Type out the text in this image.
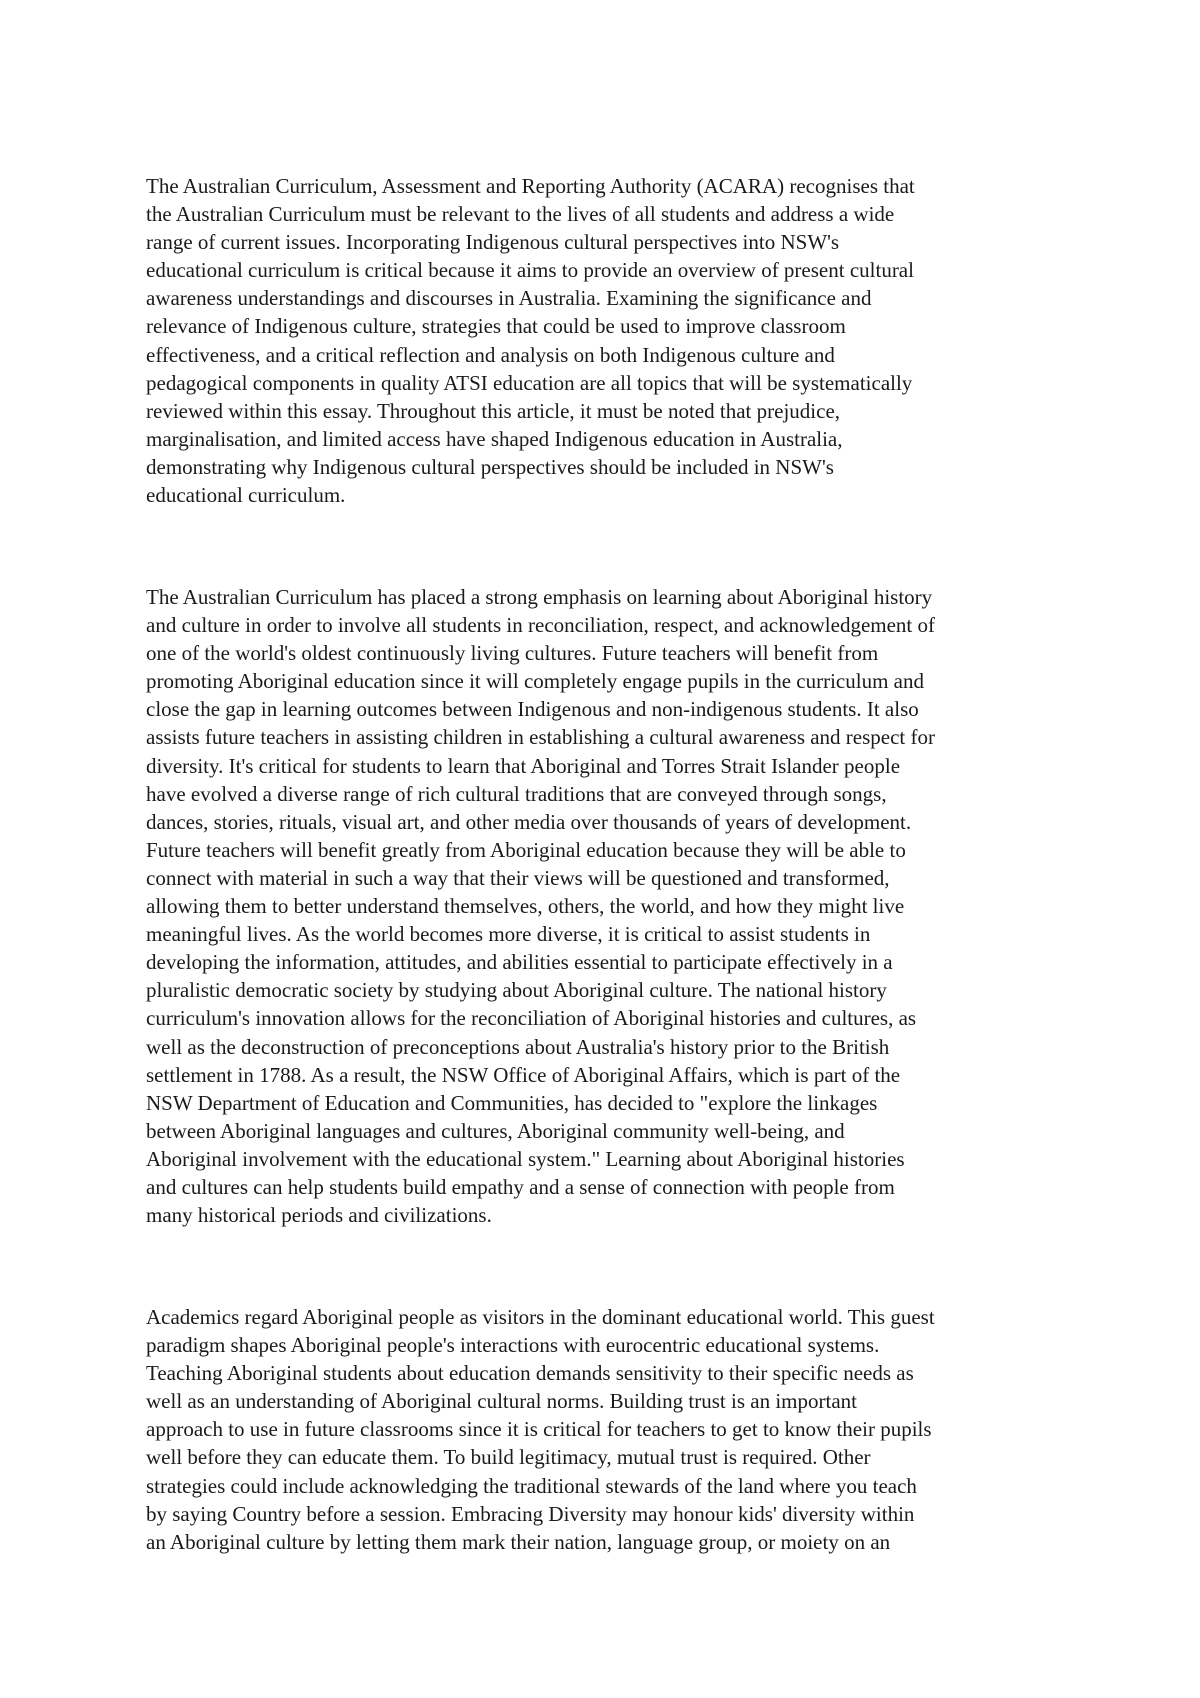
The Australian Curriculum, Assessment and Reporting Authority (ACARA) recognises that
the Australian Curriculum must be relevant to the lives of all students and address a wide
range of current issues. Incorporating Indigenous cultural perspectives into NSW's
educational curriculum is critical because it aims to provide an overview of present cultural
awareness understandings and discourses in Australia. Examining the significance and
relevance of Indigenous culture, strategies that could be used to improve classroom
effectiveness, and a critical reflection and analysis on both Indigenous culture and
pedagogical components in quality ATSI education are all topics that will be systematically
reviewed within this essay. Throughout this article, it must be noted that prejudice,
marginalisation, and limited access have shaped Indigenous education in Australia,
demonstrating why Indigenous cultural perspectives should be included in NSW's
educational curriculum.

The Australian Curriculum has placed a strong emphasis on learning about Aboriginal history
and culture in order to involve all students in reconciliation, respect, and acknowledgement of
one of the world's oldest continuously living cultures. Future teachers will benefit from
promoting Aboriginal education since it will completely engage pupils in the curriculum and
close the gap in learning outcomes between Indigenous and non-indigenous students. It also
assists future teachers in assisting children in establishing a cultural awareness and respect for
diversity. It's critical for students to learn that Aboriginal and Torres Strait Islander people
have evolved a diverse range of rich cultural traditions that are conveyed through songs,
dances, stories, rituals, visual art, and other media over thousands of years of development.
Future teachers will benefit greatly from Aboriginal education because they will be able to
connect with material in such a way that their views will be questioned and transformed,
allowing them to better understand themselves, others, the world, and how they might live
meaningful lives. As the world becomes more diverse, it is critical to assist students in
developing the information, attitudes, and abilities essential to participate effectively in a
pluralistic democratic society by studying about Aboriginal culture. The national history
curriculum's innovation allows for the reconciliation of Aboriginal histories and cultures, as
well as the deconstruction of preconceptions about Australia's history prior to the British
settlement in 1788. As a result, the NSW Office of Aboriginal Affairs, which is part of the
NSW Department of Education and Communities, has decided to "explore the linkages
between Aboriginal languages and cultures, Aboriginal community well-being, and
Aboriginal involvement with the educational system." Learning about Aboriginal histories
and cultures can help students build empathy and a sense of connection with people from
many historical periods and civilizations.

Academics regard Aboriginal people as visitors in the dominant educational world. This guest
paradigm shapes Aboriginal people's interactions with eurocentric educational systems.
Teaching Aboriginal students about education demands sensitivity to their specific needs as
well as an understanding of Aboriginal cultural norms. Building trust is an important
approach to use in future classrooms since it is critical for teachers to get to know their pupils
well before they can educate them. To build legitimacy, mutual trust is required. Other
strategies could include acknowledging the traditional stewards of the land where you teach
by saying Country before a session. Embracing Diversity may honour kids' diversity within
an Aboriginal culture by letting them mark their nation, language group, or moiety on an
